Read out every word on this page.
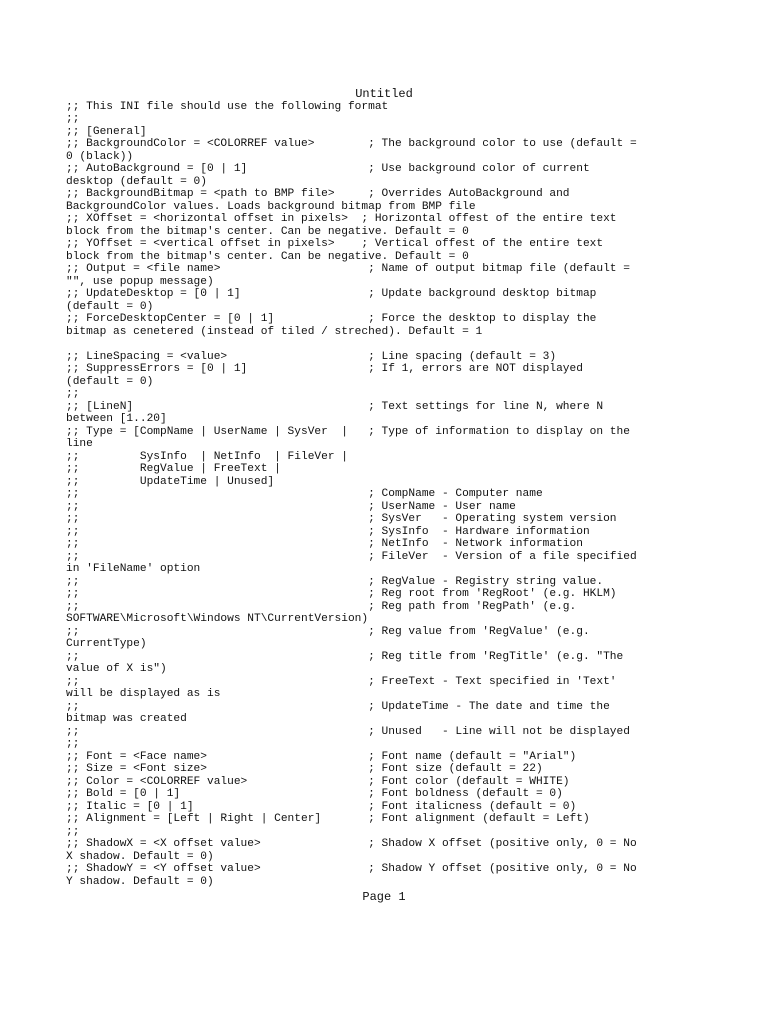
Untitled
;; This INI file should use the following format
;;
;; [General]
;; BackgroundColor = <COLORREF value>        ; The background color to use (default =
0 (black))
;; AutoBackground = [0 | 1]                  ; Use background color of current
desktop (default = 0)
;; BackgroundBitmap = <path to BMP file>     ; Overrides AutoBackground and
BackgroundColor values. Loads background bitmap from BMP file
;; XOffset = <horizontal offset in pixels>  ; Horizontal offest of the entire text
block from the bitmap's center. Can be negative. Default = 0
;; YOffset = <vertical offset in pixels>    ; Vertical offest of the entire text
block from the bitmap's center. Can be negative. Default = 0
;; Output = <file name>                      ; Name of output bitmap file (default =
"", use popup message)
;; UpdateDesktop = [0 | 1]                   ; Update background desktop bitmap
(default = 0)
;; ForceDesktopCenter = [0 | 1]              ; Force the desktop to display the
bitmap as cenetered (instead of tiled / streched). Default = 1
;; LineSpacing = <value>                     ; Line spacing (default = 3)
;; SuppressErrors = [0 | 1]                  ; If 1, errors are NOT displayed
(default = 0)
;;
;; [LineN]                                   ; Text settings for line N, where N
between [1..20]
;; Type = [CompName | UserName | SysVer  |   ; Type of information to display on the
line
;;         SysInfo  | NetInfo  | FileVer |
;;         RegValue | FreeText |
;;         UpdateTime | Unused]
;;                                           ; CompName - Computer name
;;                                           ; UserName - User name
;;                                           ; SysVer   - Operating system version
;;                                           ; SysInfo  - Hardware information
;;                                           ; NetInfo  - Network information
;;                                           ; FileVer  - Version of a file specified
in 'FileName' option
;;                                           ; RegValue - Registry string value.
;;                                           ; Reg root from 'RegRoot' (e.g. HKLM)
;;                                           ; Reg path from 'RegPath' (e.g.
SOFTWARE\Microsoft\Windows NT\CurrentVersion)
;;                                           ; Reg value from 'RegValue' (e.g.
CurrentType)
;;                                           ; Reg title from 'RegTitle' (e.g. "The
value of X is")
;;                                           ; FreeText - Text specified in 'Text'
will be displayed as is
;;                                           ; UpdateTime - The date and time the
bitmap was created
;;                                           ; Unused   - Line will not be displayed
;;
;; Font = <Face name>                        ; Font name (default = "Arial")
;; Size = <Font size>                        ; Font size (default = 22)
;; Color = <COLORREF value>                  ; Font color (default = WHITE)
;; Bold = [0 | 1]                            ; Font boldness (default = 0)
;; Italic = [0 | 1]                          ; Font italicness (default = 0)
;; Alignment = [Left | Right | Center]       ; Font alignment (default = Left)
;;
;; ShadowX = <X offset value>                ; Shadow X offset (positive only, 0 = No
X shadow. Default = 0)
;; ShadowY = <Y offset value>                ; Shadow Y offset (positive only, 0 = No
Y shadow. Default = 0)
Page 1
